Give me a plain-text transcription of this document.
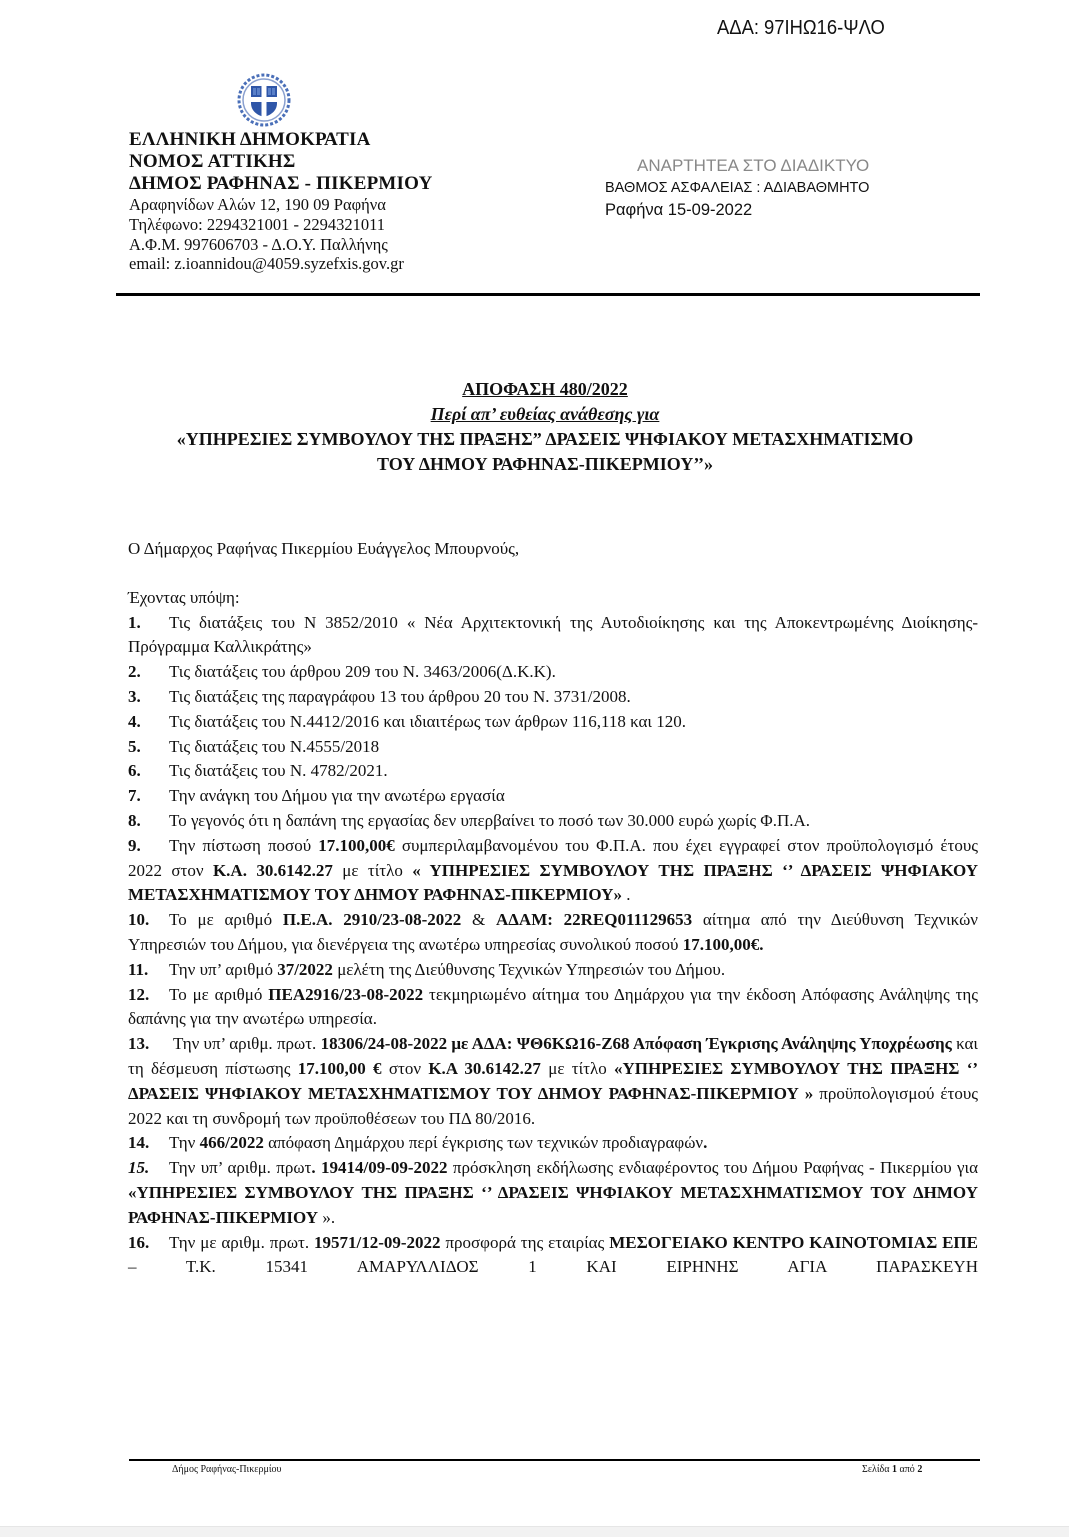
ΑΔΑ: 97ΙΗΩ16-ΨΛΟ
ΕΛΛΗΝΙΚΗ ΔΗΜΟΚΡΑΤΙΑ
ΝΟΜΟΣ ΑΤΤΙΚΗΣ
ΔΗΜΟΣ ΡΑΦΗΝΑΣ - ΠΙΚΕΡΜΙΟΥ
Αραφηνίδων Αλών 12, 190 09 Ραφήνα
Τηλέφωνο: 2294321001 - 2294321011
Α.Φ.Μ. 997606703 - Δ.Ο.Υ. Παλλήνης
email: z.ioannidou@4059.syzefxis.gov.gr
ΑΝΑΡΤΗΤΕΑ ΣΤΟ ΔΙΑΔΙΚΤΥΟ
ΒΑΘΜΟΣ ΑΣΦΑΛΕΙΑΣ : ΑΔΙΑΒΑΘΜΗΤΟ
Ραφήνα 15-09-2022
ΑΠΟΦΑΣΗ 480/2022
Περί απ’ ευθείας ανάθεσης για
«ΥΠΗΡΕΣΙΕΣ ΣΥΜΒΟΥΛΟΥ ΤΗΣ ΠΡΑΞΗΣ” ΔΡΑΣΕΙΣ ΨΗΦΙΑΚΟΥ ΜΕΤΑΣΧΗΜΑΤΙΣΜΟ
ΤΟΥ ΔΗΜΟΥ ΡΑΦΗΝΑΣ-ΠΙΚΕΡΜΙΟΥ’’»

Ο Δήμαρχος Ραφήνας Πικερμίου Ευάγγελος Μπουρνούς,

Έχοντας υπόψη:

1. Τις διατάξεις του Ν 3852/2010 « Νέα Αρχιτεκτονική της Αυτοδιοίκησης και της Αποκεντρωμένης Διοίκησης- Πρόγραμμα Καλλικράτης»

2. Τις διατάξεις του άρθρου 209 του Ν. 3463/2006(Δ.Κ.Κ).

3. Τις διατάξεις της παραγράφου 13 του άρθρου 20 του Ν. 3731/2008.

4. Τις διατάξεις του Ν.4412/2016 και ιδιαιτέρως των άρθρων 116,118 και 120.

5. Τις διατάξεις του Ν.4555/2018

6. Τις διατάξεις του Ν. 4782/2021.

7. Την ανάγκη του Δήμου για την ανωτέρω εργασία

8. Το γεγονός ότι η δαπάνη της εργασίας δεν υπερβαίνει το ποσό των 30.000 ευρώ χωρίς Φ.Π.Α.

9. Την πίστωση ποσού 17.100,00€ συμπεριλαμβανομένου του Φ.Π.Α. που έχει εγγραφεί στον προϋπολογισμό έτους 2022 στον Κ.Α. 30.6142.27 με τίτλο « ΥΠΗΡΕΣΙΕΣ ΣΥΜΒΟΥΛΟΥ ΤΗΣ ΠΡΑΞΗΣ ‘’ ΔΡΑΣΕΙΣ ΨΗΦΙΑΚΟΥ ΜΕΤΑΣΧΗΜΑΤΙΣΜΟΥ ΤΟΥ ΔΗΜΟΥ ΡΑΦΗΝΑΣ-ΠΙΚΕΡΜΙΟΥ» .

10. Το με αριθμό Π.Ε.Α. 2910/23-08-2022 & ΑΔΑΜ: 22REQ011129653 αίτημα από την Διεύθυνση Τεχνικών Υπηρεσιών του Δήμου, για διενέργεια της ανωτέρω υπηρεσίας συνολικού ποσού 17.100,00€.

11. Την υπ’ αριθμό 37/2022 μελέτη της Διεύθυνσης Τεχνικών Υπηρεσιών του Δήμου.

12. Το με αριθμό ΠΕΑ2916/23-08-2022 τεκμηριωμένο αίτημα του Δημάρχου για την έκδοση Απόφασης Ανάληψης της δαπάνης για την ανωτέρω υπηρεσία.

13. Την υπ’ αριθμ. πρωτ. 18306/24-08-2022 με ΑΔΑ: ΨΘ6ΚΩ16-Ζ68 Απόφαση Έγκρισης Ανάληψης Υποχρέωσης και τη δέσμευση πίστωσης 17.100,00 € στον Κ.Α 30.6142.27 με τίτλο «ΥΠΗΡΕΣΙΕΣ ΣΥΜΒΟΥΛΟΥ ΤΗΣ ΠΡΑΞΗΣ ‘’ ΔΡΑΣΕΙΣ ΨΗΦΙΑΚΟΥ ΜΕΤΑΣΧΗΜΑΤΙΣΜΟΥ ΤΟΥ ΔΗΜΟΥ ΡΑΦΗΝΑΣ-ΠΙΚΕΡΜΙΟΥ » προϋπολογισμού έτους 2022 και τη συνδρομή των προϋποθέσεων του ΠΔ 80/2016.

14. Την 466/2022 απόφαση Δημάρχου περί έγκρισης των τεχνικών προδιαγραφών.

15. Την υπ’ αριθμ. πρωτ. 19414/09-09-2022 πρόσκληση εκδήλωσης ενδιαφέροντος του Δήμου Ραφήνας - Πικερμίου για «ΥΠΗΡΕΣΙΕΣ ΣΥΜΒΟΥΛΟΥ ΤΗΣ ΠΡΑΞΗΣ ‘’ ΔΡΑΣΕΙΣ ΨΗΦΙΑΚΟΥ ΜΕΤΑΣΧΗΜΑΤΙΣΜΟΥ ΤΟΥ ΔΗΜΟΥ ΡΑΦΗΝΑΣ-ΠΙΚΕΡΜΙΟΥ ».

16. Την με αριθμ. πρωτ. 19571/12-09-2022 προσφορά της εταιρίας ΜΕΣΟΓΕΙΑΚΟ ΚΕΝΤΡΟ ΚΑΙΝΟΤΟΜΙΑΣ ΕΠΕ – Τ.Κ. 15341 ΑΜΑΡΥΛΛΙΔΟΣ 1 ΚΑΙ ΕΙΡΗΝΗΣ ΑΓΙΑ ΠΑΡΑΣΚΕΥΗ

Δήμος Ραφήνας-Πικερμίου	Σελίδα 1 από 2
